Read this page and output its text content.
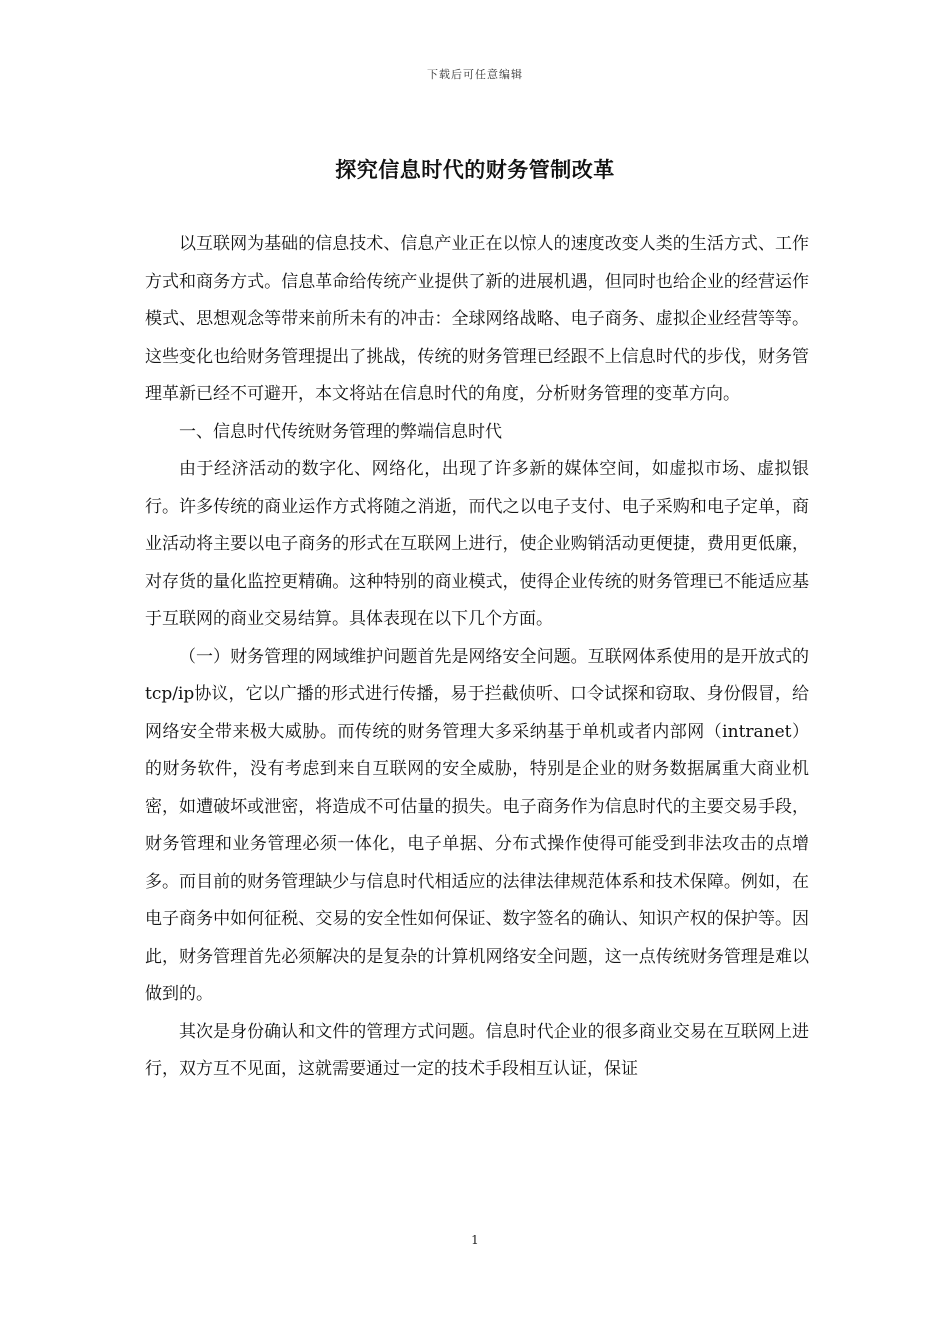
下载后可任意编辑
探究信息时代的财务管制改革

以互联网为基础的信息技术、信息产业正在以惊人的速度改变人类的生活方式、工作方式和商务方式。信息革命给传统产业提供了新的进展机遇，但同时也给企业的经营运作模式、思想观念等带来前所未有的冲击：全球网络战略、电子商务、虚拟企业经营等等。这些变化也给财务管理提出了挑战，传统的财务管理已经跟不上信息时代的步伐，财务管理革新已经不可避开，本文将站在信息时代的角度，分析财务管理的变革方向。

一、信息时代传统财务管理的弊端信息时代

由于经济活动的数字化、网络化，出现了许多新的媒体空间，如虚拟市场、虚拟银行。许多传统的商业运作方式将随之消逝，而代之以电子支付、电子采购和电子定单，商业活动将主要以电子商务的形式在互联网上进行，使企业购销活动更便捷，费用更低廉，对存货的量化监控更精确。这种特别的商业模式，使得企业传统的财务管理已不能适应基于互联网的商业交易结算。具体表现在以下几个方面。

（一）财务管理的网域维护问题首先是网络安全问题。互联网体系使用的是开放式的tcp/ip协议，它以广播的形式进行传播，易于拦截侦听、口令试探和窃取、身份假冒，给网络安全带来极大威胁。而传统的财务管理大多采纳基于单机或者内部网（intranet）的财务软件，没有考虑到来自互联网的安全威胁，特别是企业的财务数据属重大商业机密，如遭破坏或泄密，将造成不可估量的损失。电子商务作为信息时代的主要交易手段，财务管理和业务管理必须一体化，电子单据、分布式操作使得可能受到非法攻击的点增多。而目前的财务管理缺少与信息时代相适应的法律法律规范体系和技术保障。例如，在电子商务中如何征税、交易的安全性如何保证、数字签名的确认、知识产权的保护等。因此，财务管理首先必须解决的是复杂的计算机网络安全问题，这一点传统财务管理是难以做到的。

其次是身份确认和文件的管理方式问题。信息时代企业的很多商业交易在互联网上进行，双方互不见面，这就需要通过一定的技术手段相互认证，保证

1
